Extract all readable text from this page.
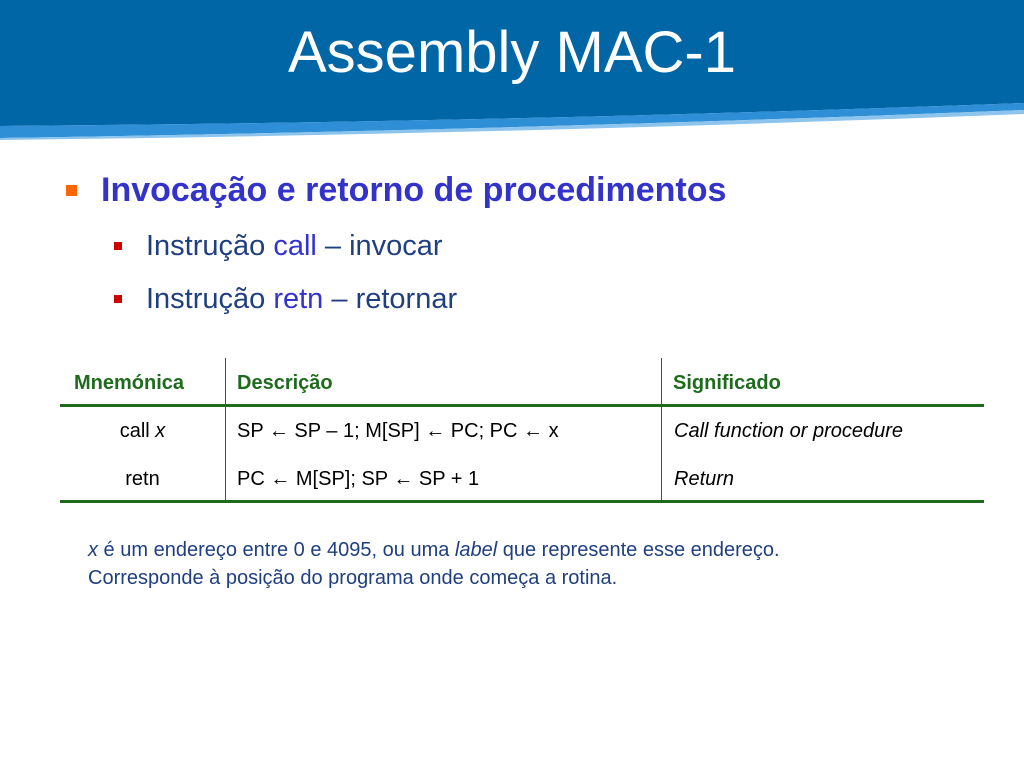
Assembly MAC-1
Invocação e retorno de procedimentos
Instrução call – invocar
Instrução retn – retornar
Mnemónica	Descrição	Significado
call x	SP ← SP – 1; M[SP] ← PC; PC ← x	Call function or procedure
retn	PC ← M[SP]; SP ← SP + 1	Return
x é um endereço entre 0 e 4095, ou uma label que represente esse endereço.
Corresponde à posição do programa onde começa a rotina.
